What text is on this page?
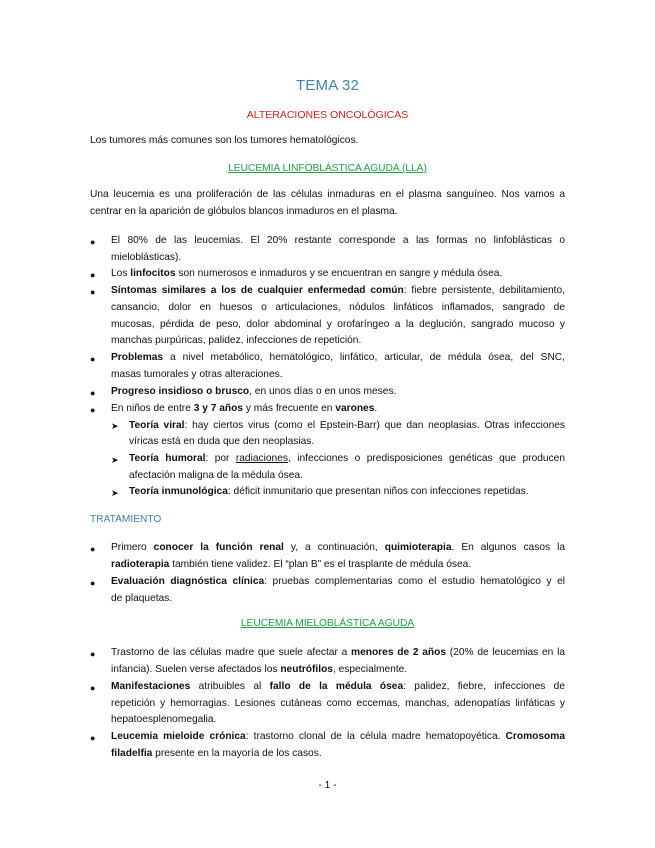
TEMA 32
ALTERACIONES ONCOLÓGICAS
Los tumores más comunes son los tumores hematológicos.
LEUCEMIA LINFOBLÁSTICA AGUDA (LLA)
Una leucemia es una proliferación de las células inmaduras en el plasma sanguíneo. Nos vamos a
centrar en la aparición de glóbulos blancos inmaduros en el plasma.
● El 80% de las leucemias. El 20% restante corresponde a las formas no linfoblásticas o
mieloblásticas).
● Los linfocitos son numerosos e inmaduros y se encuentran en sangre y médula ósea.
● Síntomas similares a los de cualquier enfermedad común: fiebre persistente, debilitamiento,
cansancio, dolor en huesos o articulaciones, nódulos linfáticos inflamados, sangrado de
mucosas, pérdida de peso, dolor abdominal y orofaríngeo a la deglución, sangrado mucoso y
manchas purpúricas, palidez, infecciones de repetición.
● Problemas a nivel metabólico, hematológico, linfático, articular, de médula ósea, del SNC,
masas tumorales y otras alteraciones.
● Progreso insidioso o brusco, en unos días o en unos meses.
● En niños de entre 3 y 7 años y más frecuente en varones.
➤ Teoría viral: hay ciertos virus (como el Epstein-Barr) que dan neoplasias. Otras infecciones
víricas está en duda que den neoplasias.
➤ Teoría humoral: por radiaciones, infecciones o predisposiciones genéticas que producen
afectación maligna de la médula ósea.
➤ Teoría inmunológica: déficit inmunitario que presentan niños con infecciones repetidas.
TRATAMIENTO
● Primero conocer la función renal y, a continuación, quimioterapia. En algunos casos la
radioterapia también tiene validez. El “plan B” es el trasplante de médula ósea.
● Evaluación diagnóstica clínica: pruebas complementarias como el estudio hematológico y el
de plaquetas.
LEUCEMIA MIELOBLÁSTICA AGUDA
● Trastorno de las células madre que suele afectar a menores de 2 años (20% de leucemias en la
infancia). Suelen verse afectados los neutrófilos, especialmente.
● Manifestaciones atribuibles al fallo de la médula ósea: palidez, fiebre, infecciones de
repetición y hemorragias. Lesiones cutáneas como eccemas, manchas, adenopatías linfáticas y
hepatoesplenomegalia.
● Leucemia mieloide crónica: trastorno clonal de la célula madre hematopoyética. Cromosoma
filadelfia presente en la mayoría de los casos.
- 1 -
